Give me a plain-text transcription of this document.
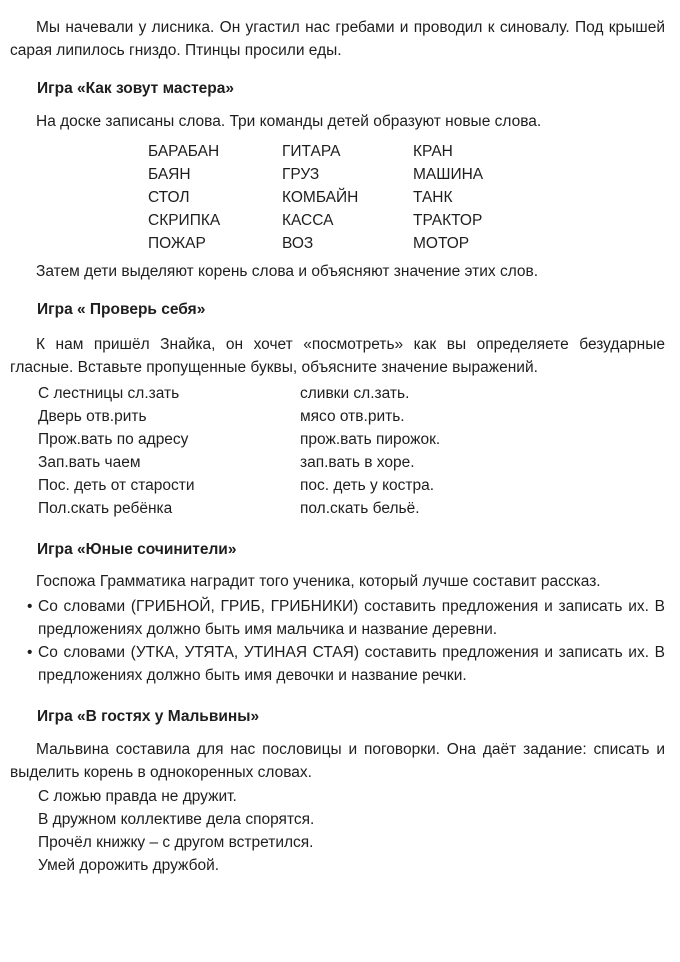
Мы начевали у лисника. Он угастил нас гребами и проводил к синовалу. Под крышей сарая липилось гниздо. Птинцы просили еды.

Игра «Как зовут мастера»

На доске записаны слова. Три команды детей образуют новые слова.

БАРАБАН	ГИТАРА	КРАН
БАЯН	ГРУЗ	МАШИНА
СТОЛ	КОМБАЙН	ТАНК
СКРИПКА	КАССА	ТРАКТОР
ПОЖАР	ВОЗ	МОТОР

Затем дети выделяют корень слова и объясняют значение этих слов.

Игра « Проверь себя»

К нам пришёл Знайка, он хочет «посмотреть» как вы определяете безударные гласные. Вставьте пропущенные буквы, объясните значение выражений.

С лестницы сл.зать	сливки сл.зать.
Дверь отв.рить	мясо отв.рить.
Прож.вать по адресу	прож.вать пирожок.
Зап.вать чаем	зап.вать в хоре.
Пос. деть от старости	пос. деть у костра.
Пол.скать ребёнка	пол.скать бельё.

Игра «Юные сочинители»

Госпожа Грамматика наградит того ученика, который лучше составит рассказ.

• Со словами (ГРИБНОЙ, ГРИБ, ГРИБНИКИ) составить предложения и записать их. В предложениях должно быть имя мальчика и название деревни.
• Со словами (УТКА, УТЯТА, УТИНАЯ СТАЯ) составить предложения и записать их. В предложениях должно быть имя девочки и название речки.

Игра «В гостях у Мальвины»

Мальвина составила для нас пословицы и поговорки. Она даёт задание: списать и выделить корень в однокоренных словах.

С ложью правда не дружит.

В дружном коллективе дела спорятся.

Прочёл книжку – с другом встретился.

Умей дорожить дружбой.
